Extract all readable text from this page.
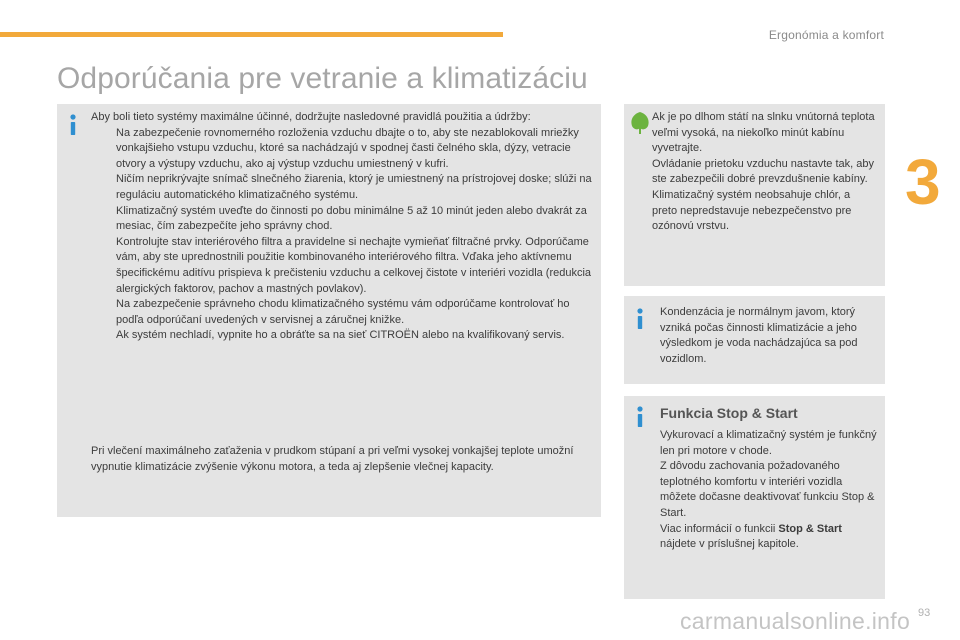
Ergonómia a komfort
3
Odporúčania pre vetranie a klimatizáciu
Aby boli tieto systémy maximálne účinné, dodržujte nasledovné pravidlá použitia a údržby:
Na zabezpečenie rovnomerného rozloženia vzduchu dbajte o to, aby ste nezablokovali mriežky vonkajšieho vstupu vzduchu, ktoré sa nachádzajú v spodnej časti čelného skla, dýzy, vetracie otvory a výstupy vzduchu, ako aj výstup vzduchu umiestnený v kufri.
Ničím neprikrývajte snímač slnečného žiarenia, ktorý je umiestnený na prístrojovej doske; slúži na reguláciu automatického klimatizačného systému.
Klimatizačný systém uveďte do činnosti po dobu minimálne 5 až 10 minút jeden alebo dvakrát za mesiac, čím zabezpečíte jeho správny chod.
Kontrolujte stav interiérového filtra a pravidelne si nechajte vymieňať filtračné prvky. Odporúčame vám, aby ste uprednostnili použitie kombinovaného interiérového filtra. Vďaka jeho aktívnemu špecifickému aditívu prispieva k prečisteniu vzduchu a celkovej čistote v interiéri vozidla (redukcia alergických faktorov, pachov a mastných povlakov).
Na zabezpečenie správneho chodu klimatizačného systému vám odporúčame kontrolovať ho podľa odporúčaní uvedených v servisnej a záručnej knižke.
Ak systém nechladí, vypnite ho a obráťte sa na sieť CITROËN alebo na kvalifikovaný servis.
Pri vlečení maximálneho zaťaženia v prudkom stúpaní a pri veľmi vysokej vonkajšej teplote umožní vypnutie klimatizácie zvýšenie výkonu motora, a teda aj zlepšenie vlečnej kapacity.
Ak je po dlhom státí na slnku vnútorná teplota veľmi vysoká, na niekoľko minút kabínu vyvetrajte.
Ovládanie prietoku vzduchu nastavte tak, aby ste zabezpečili dobré prevzdušnenie kabíny.
Klimatizačný systém neobsahuje chlór, a preto nepredstavuje nebezpečenstvo pre ozónovú vrstvu.
Kondenzácia je normálnym javom, ktorý vzniká počas činnosti klimatizácie a jeho výsledkom je voda nachádzajúca sa pod vozidlom.
Funkcia Stop & Start
Vykurovací a klimatizačný systém je funkčný len pri motore v chode.
Z dôvodu zachovania požadovaného teplotného komfortu v interiéri vozidla môžete dočasne deaktivovať funkciu Stop & Start.
Viac informácií o funkcii Stop & Start
nájdete v príslušnej kapitole.
carmanualsonline.info 93
